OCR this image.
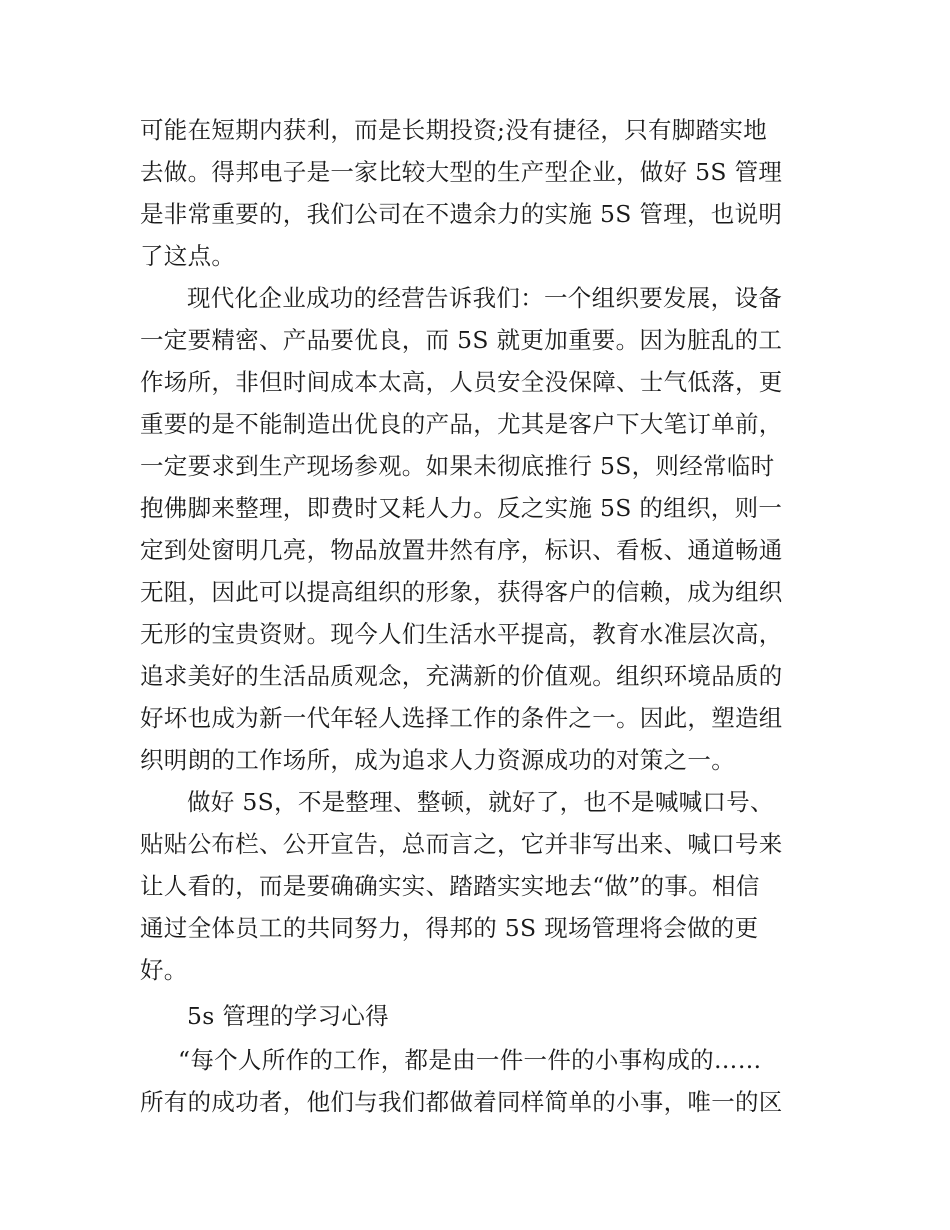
可能在短期内获利，而是长期投资;没有捷径，只有脚踏实地
去做。得邦电子是一家比较大型的生产型企业，做好 5S 管理
是非常重要的，我们公司在不遗余力的实施 5S 管理，也说明
了这点。
现代化企业成功的经营告诉我们：一个组织要发展，设备
一定要精密、产品要优良，而 5S 就更加重要。因为脏乱的工
作场所，非但时间成本太高，人员安全没保障、士气低落，更
重要的是不能制造出优良的产品，尤其是客户下大笔订单前，
一定要求到生产现场参观。如果未彻底推行 5S，则经常临时
抱佛脚来整理，即费时又耗人力。反之实施 5S 的组织，则一
定到处窗明几亮，物品放置井然有序，标识、看板、通道畅通
无阻，因此可以提高组织的形象，获得客户的信赖，成为组织
无形的宝贵资财。现今人们生活水平提高，教育水准层次高，
追求美好的生活品质观念，充满新的价值观。组织环境品质的
好坏也成为新一代年轻人选择工作的条件之一。因此，塑造组
织明朗的工作场所，成为追求人力资源成功的对策之一。
做好 5S，不是整理、整顿，就好了，也不是喊喊口号、
贴贴公布栏、公开宣告，总而言之，它并非写出来、喊口号来
让人看的，而是要确确实实、踏踏实实地去“做”的事。相信
通过全体员工的共同努力，得邦的 5S 现场管理将会做的更
好。
5s 管理的学习心得
“每个人所作的工作，都是由一件一件的小事构成的……
所有的成功者，他们与我们都做着同样简单的小事，唯一的区
